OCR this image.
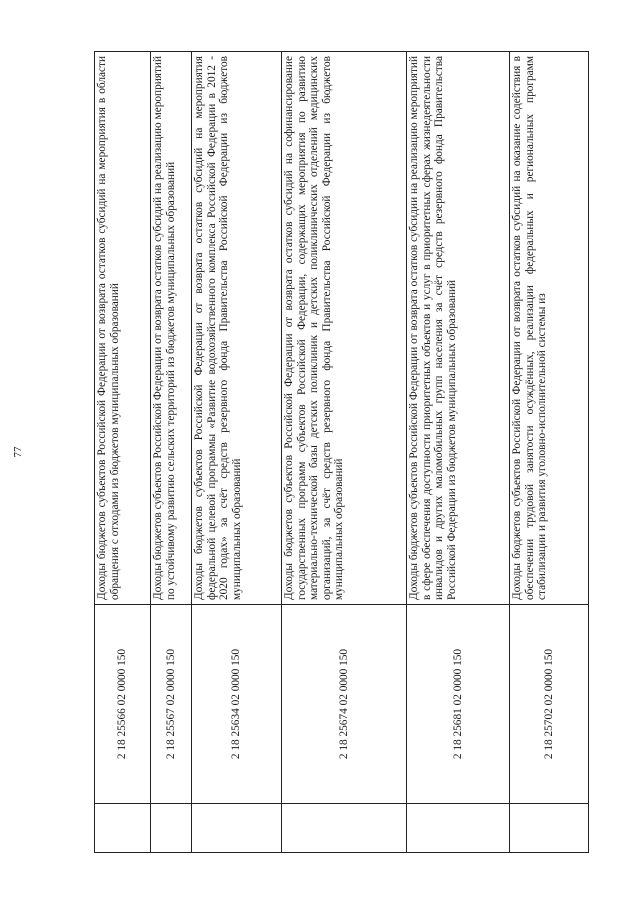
77
	2 18 25566 02 0000 150	Доходы бюджетов субъектов Российской Федерации от возврата остатков субсидий на мероприятия в области обращения с отходами из бюджетов муниципальных образований
	2 18 25567 02 0000 150	Доходы бюджетов субъектов Российской Федерации от возврата остатков субсидий на реализацию мероприятий по устойчивому развитию сельских территорий из бюджетов муниципальных образований
	2 18 25634 02 0000 150	Доходы бюджетов субъектов Российской Федерации от возврата остатков субсидий на мероприятия федеральной целевой программы «Развитие водохозяйственного комплекса Российской Федерации в 2012 - 2020 годах» за счёт средств резервного фонда Правительства Российской Федерации из бюджетов муниципальных образований
	2 18 25674 02 0000 150	Доходы бюджетов субъектов Российской Федерации от возврата остатков субсидий на софинансирование государственных программ субъектов Российской Федерации, содержащих мероприятия по развитию материально-технической базы детских поликлиник и детских поликлинических отделений медицинских организаций, за счёт средств резервного фонда Правительства Российской Федерации из бюджетов муниципальных образований
	2 18 25681 02 0000 150	Доходы бюджетов субъектов Российской Федерации от возврата остатков субсидии на реализацию мероприятий в сфере обеспечения доступности приоритетных объектов и услуг в приоритетных сферах жизнедеятельности инвалидов и других маломобильных групп населения за счёт средств резервного фонда Правительства Российской Федерации из бюджетов муниципальных образований
	2 18 25702 02 0000 150	Доходы бюджетов субъектов Российской Федерации от возврата остатков субсидий на оказание содействия в обеспечении трудовой занятости осуждённых, реализации федеральных и региональных программ стабилизации и развития уголовно-исполнительной системы из
